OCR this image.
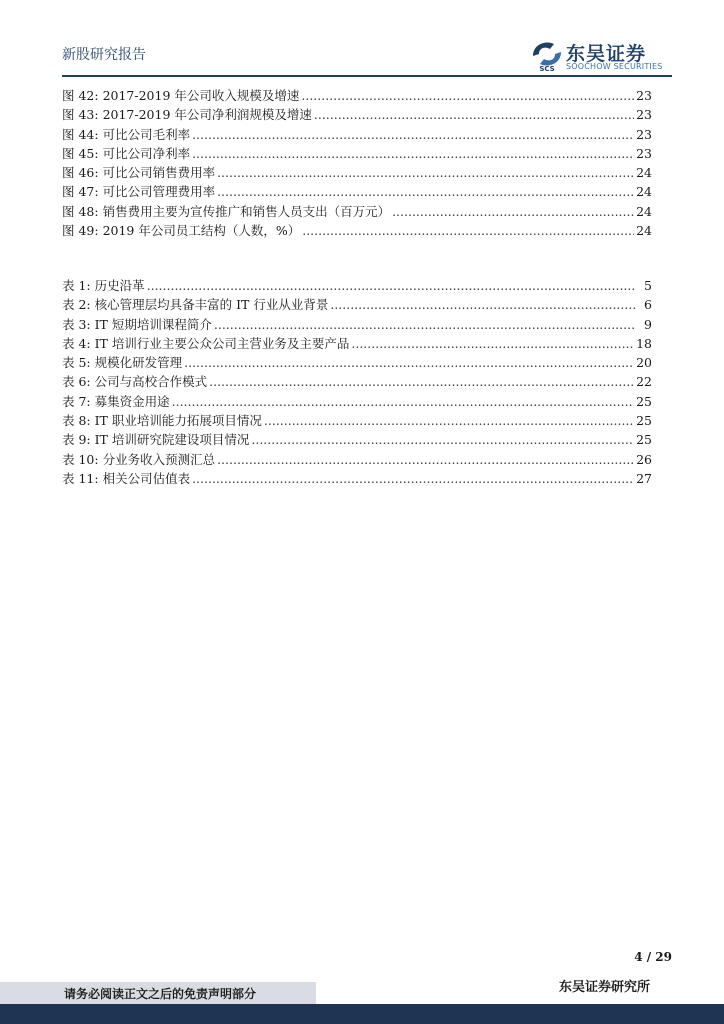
新股研究报告
SCS
东吴证券
SOOCHOW SECURITIES
图 42: 2017-2019 年公司收入规模及增速 .....	23
图 43: 2017-2019 年公司净利润规模及增速 .....	23
图 44: 可比公司毛利率 .....	23
图 45: 可比公司净利率 .....	23
图 46: 可比公司销售费用率 .....	24
图 47: 可比公司管理费用率 .....	24
图 48: 销售费用主要为宣传推广和销售人员支出（百万元） .....	24
图 49: 2019 年公司员工结构（人数，%） .....	24
表 1: 历史沿革 .....	5
表 2: 核心管理层均具备丰富的 IT 行业从业背景 .....	6
表 3: IT 短期培训课程简介 .....	9
表 4: IT 培训行业主要公众公司主营业务及主要产品 .....	18
表 5: 规模化研发管理 .....	20
表 6: 公司与高校合作模式 .....	22
表 7: 募集资金用途 .....	25
表 8: IT 职业培训能力拓展项目情况 .....	25
表 9: IT 培训研究院建设项目情况 .....	25
表 10: 分业务收入预测汇总 .....	26
表 11: 相关公司估值表 .....	27
4 / 29
请务必阅读正文之后的免责声明部分	东吴证券研究所
